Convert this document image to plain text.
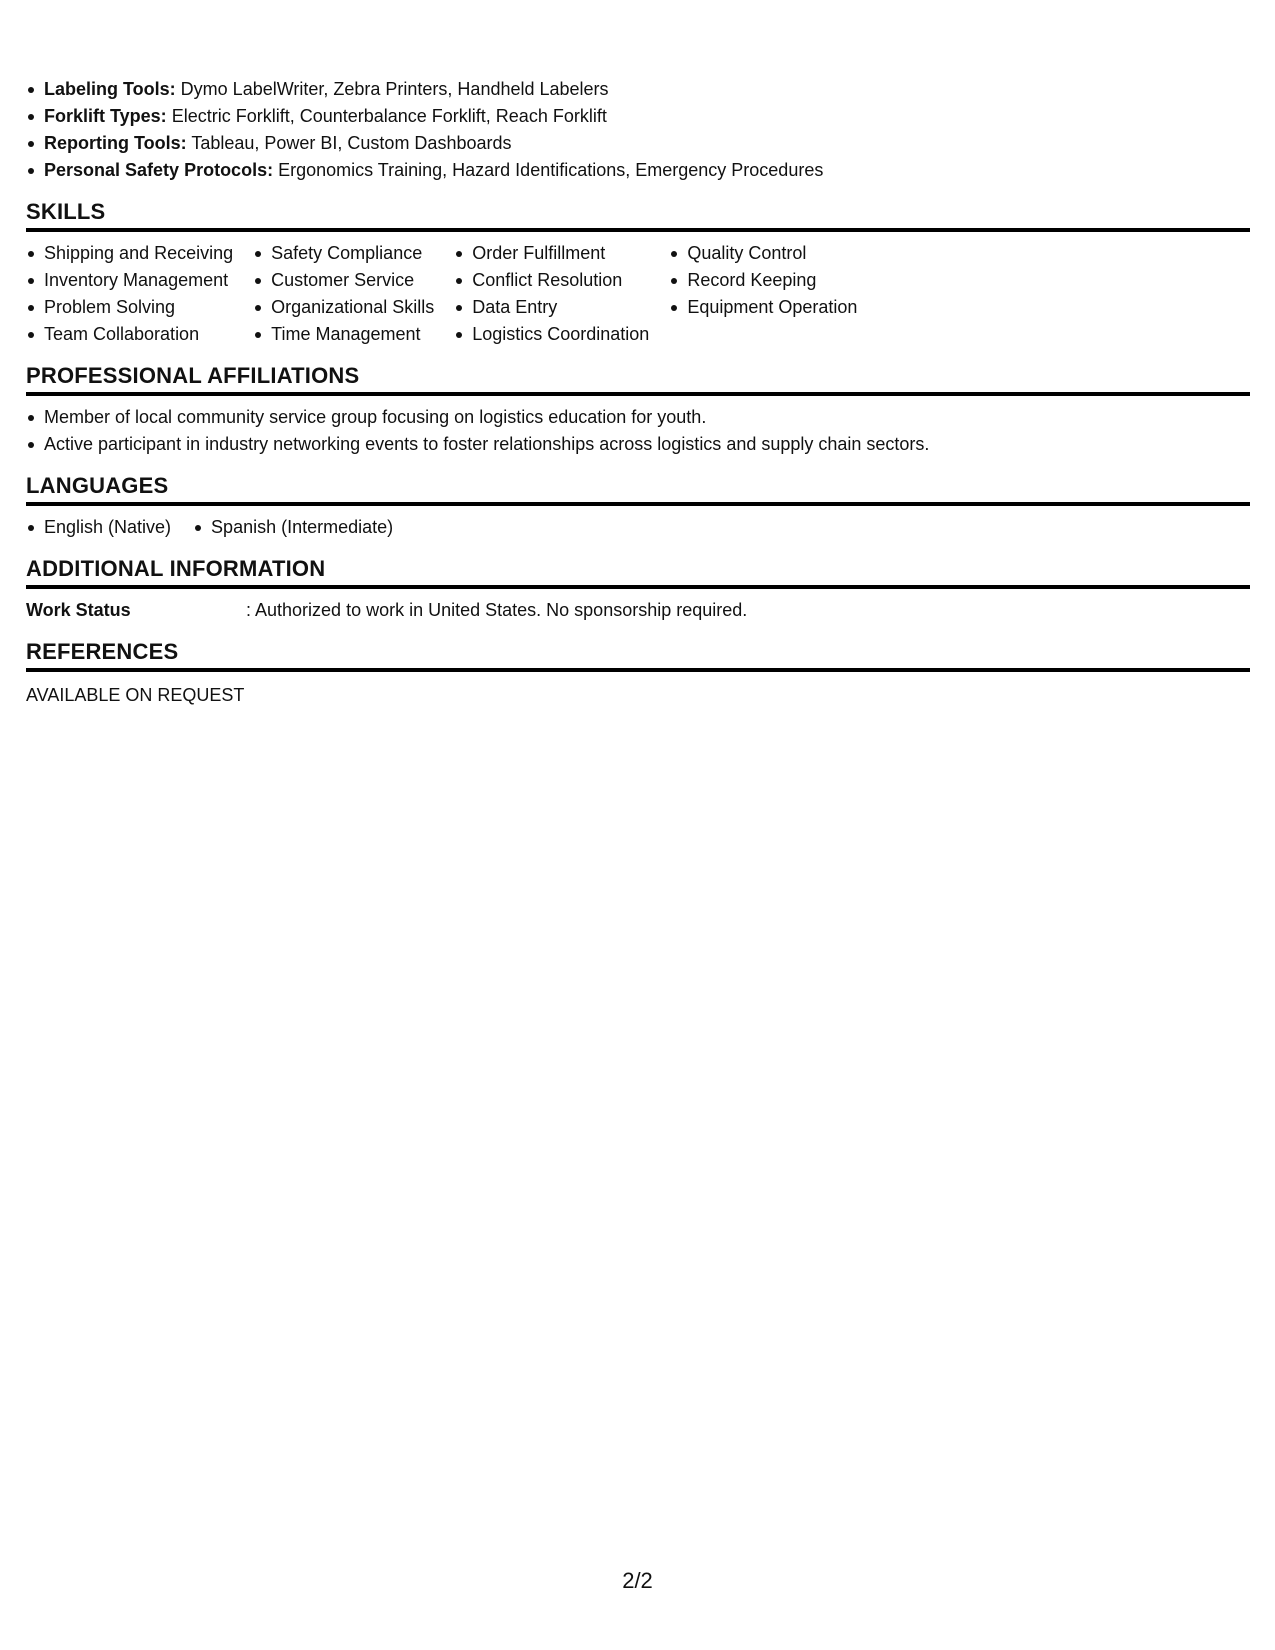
Labeling Tools: Dymo LabelWriter, Zebra Printers, Handheld Labelers
Forklift Types: Electric Forklift, Counterbalance Forklift, Reach Forklift
Reporting Tools: Tableau, Power BI, Custom Dashboards
Personal Safety Protocols: Ergonomics Training, Hazard Identifications, Emergency Procedures
SKILLS
Shipping and Receiving
Inventory Management
Problem Solving
Team Collaboration
Safety Compliance
Customer Service
Organizational Skills
Time Management
Order Fulfillment
Conflict Resolution
Data Entry
Logistics Coordination
Quality Control
Record Keeping
Equipment Operation
PROFESSIONAL AFFILIATIONS
Member of local community service group focusing on logistics education for youth.
Active participant in industry networking events to foster relationships across logistics and supply chain sectors.
LANGUAGES
English (Native)	Spanish (Intermediate)
ADDITIONAL INFORMATION
Work Status	: Authorized to work in United States. No sponsorship required.
REFERENCES
AVAILABLE ON REQUEST
2/2
